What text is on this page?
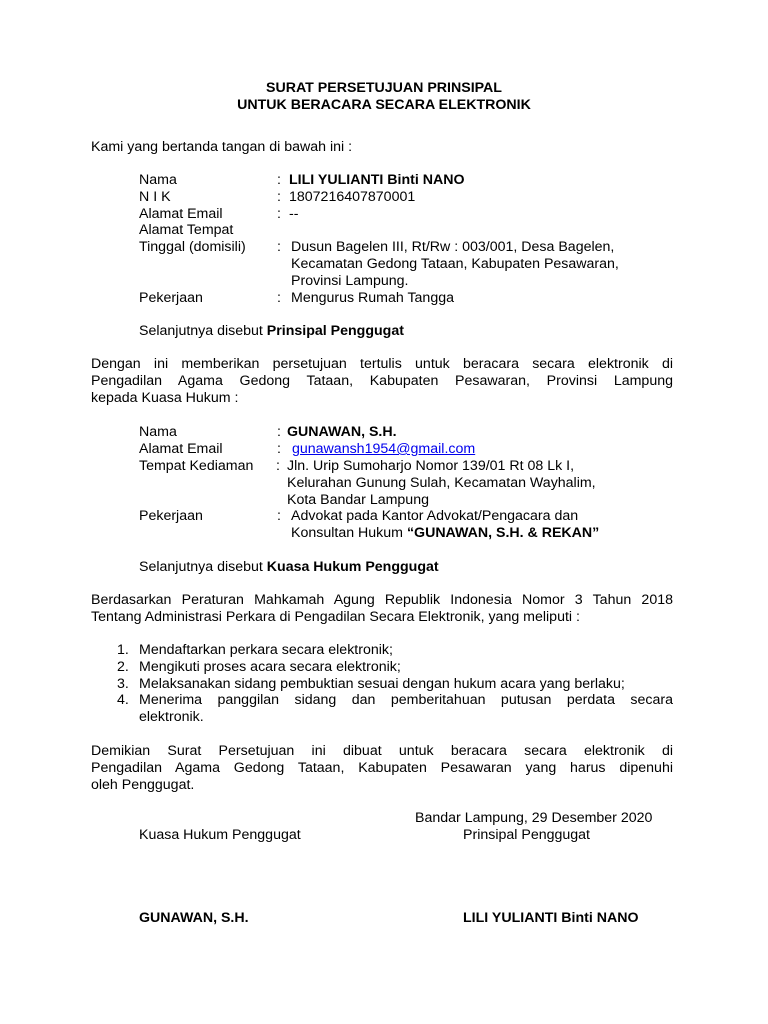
SURAT PERSETUJUAN PRINSIPAL
UNTUK BERACARA SECARA ELEKTRONIK
Kami yang bertanda tangan di bawah ini :
Nama	: LILI YULIANTI Binti NANO
N I K	: 1807216407870001
Alamat Email	: --
Alamat Tempat
Tinggal (domisili) : Dusun Bagelen III, Rt/Rw : 003/001, Desa Bagelen,
Kecamatan Gedong Tataan, Kabupaten Pesawaran,
Provinsi Lampung.
Pekerjaan	: Mengurus Rumah Tangga
Selanjutnya disebut Prinsipal Penggugat
Dengan ini memberikan persetujuan tertulis untuk beracara secara elektronik di
Pengadilan Agama Gedong Tataan, Kabupaten Pesawaran, Provinsi Lampung
kepada Kuasa Hukum :
Nama	: GUNAWAN, S.H.
Alamat Email	: gunawansh1954@gmail.com
Tempat Kediaman : Jln. Urip Sumoharjo Nomor 139/01 Rt 08 Lk I,
Kelurahan Gunung Sulah, Kecamatan Wayhalim,
Kota Bandar Lampung
Pekerjaan	: Advokat pada Kantor Advokat/Pengacara dan
Konsultan Hukum “GUNAWAN, S.H. & REKAN”
Selanjutnya disebut Kuasa Hukum Penggugat
Berdasarkan Peraturan Mahkamah Agung Republik Indonesia Nomor 3 Tahun 2018
Tentang Administrasi Perkara di Pengadilan Secara Elektronik, yang meliputi :
1. Mendaftarkan perkara secara elektronik;
2. Mengikuti proses acara secara elektronik;
3. Melaksanakan sidang pembuktian sesuai dengan hukum acara yang berlaku;
4. Menerima panggilan sidang dan pemberitahuan putusan perdata secara
elektronik.
Demikian Surat Persetujuan ini dibuat untuk beracara secara elektronik di
Pengadilan Agama Gedong Tataan, Kabupaten Pesawaran yang harus dipenuhi
oleh Penggugat.
Bandar Lampung, 29 Desember 2020
Kuasa Hukum Penggugat	Prinsipal Penggugat
GUNAWAN, S.H.	LILI YULIANTI Binti NANO
